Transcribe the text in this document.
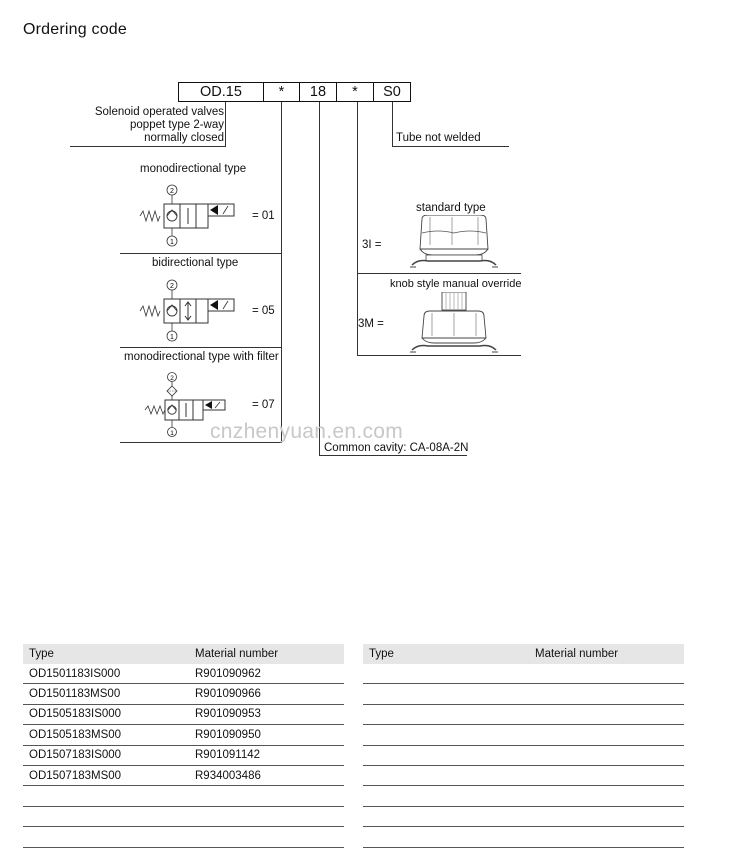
Ordering code
OD.15	*	18	*	S0
Solenoid operated valves
poppet type 2-way
normally closed	Tube not welded
Common cavity: CA-08A-2N
monodirectional type
bidirectional type
monodirectional type with filter
= 01
= 05
= 07
2
1
2
1
2
1
standard type
3I =
knob style manual override
3M =
cnzhenyuan.en.com
Type	Material number
OD1501183IS000	R901090962
OD1501183MS00	R901090966
OD1505183IS000	R901090953
OD1505183MS00	R901090950
OD1507183IS000	R901091142
OD1507183MS00	R934003486

Type	Material number
